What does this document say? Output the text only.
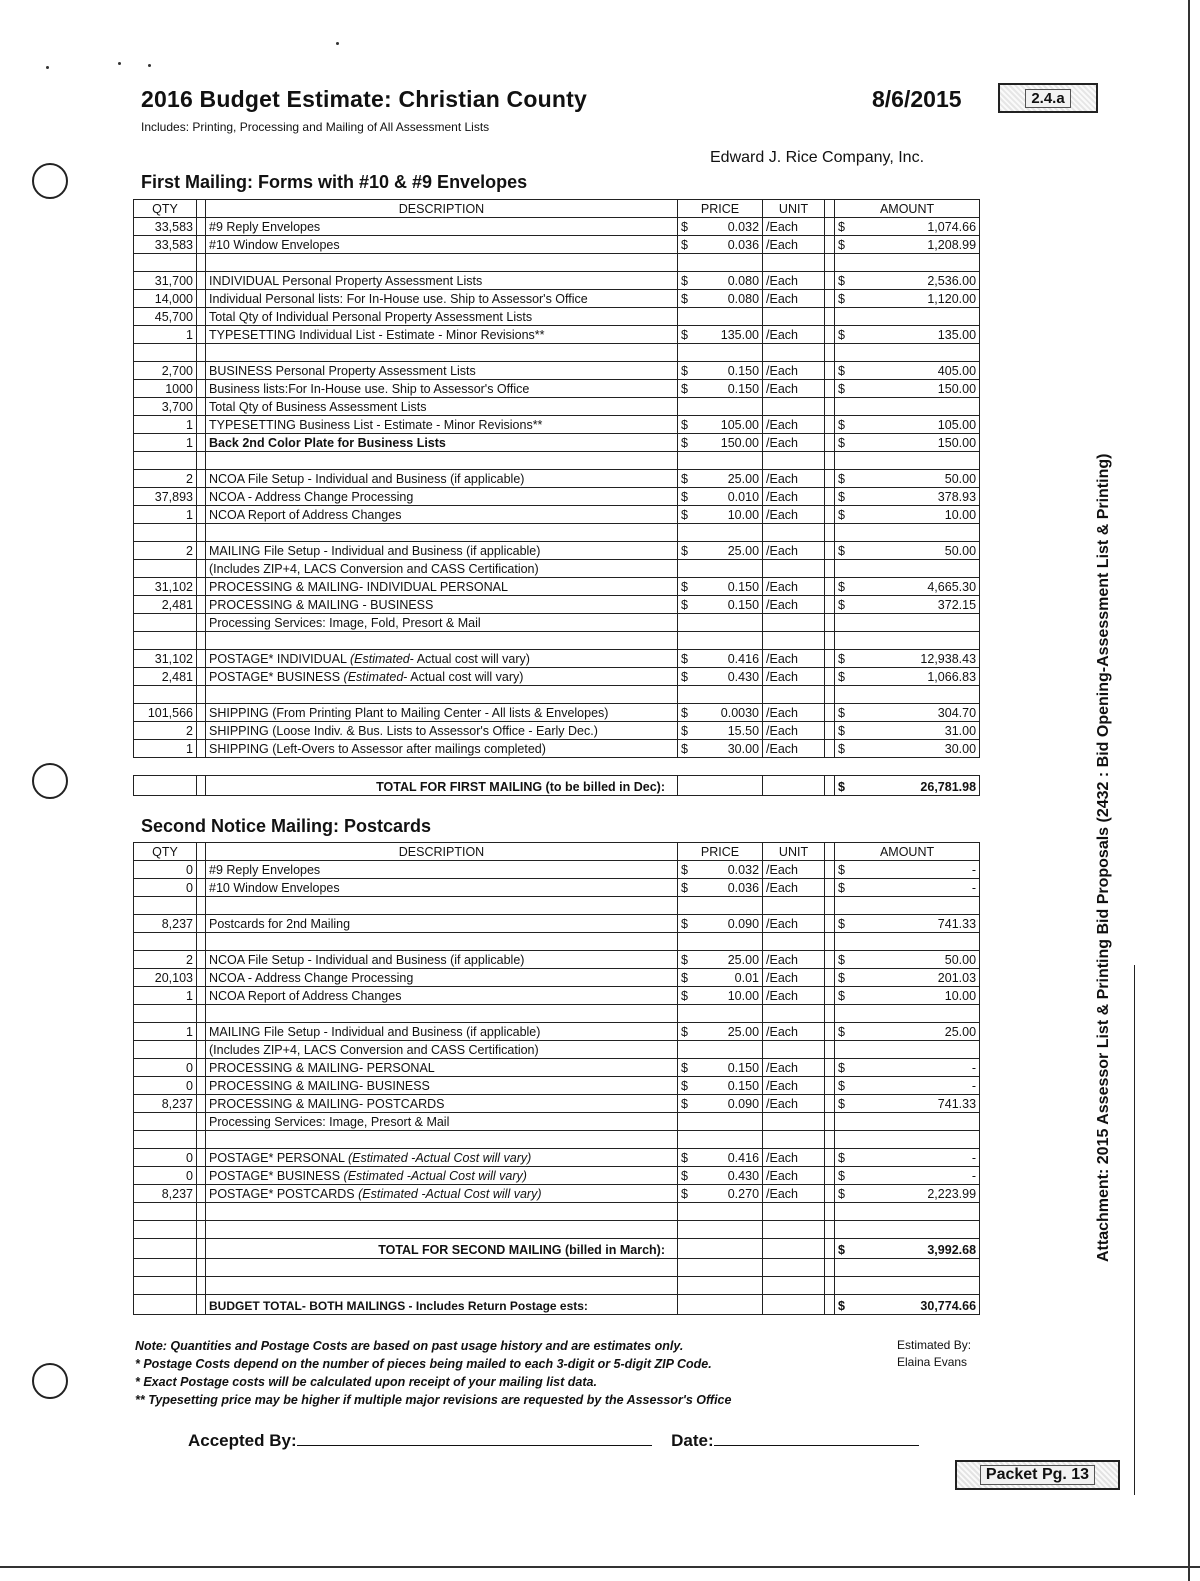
2016 Budget Estimate: Christian County
Includes: Printing, Processing and Mailing of All Assessment Lists
8/6/2015	2.4.a
Edward J. Rice Company, Inc.
First Mailing: Forms with #10 & #9 Envelopes
QTY		DESCRIPTION	PRICE		UNIT		AMOUNT	
33,583		#9 Reply Envelopes	$	0.032	/Each		$	1,074.66
33,583		#10 Window Envelopes	$	0.036	/Each		$	1,208.99

31,700		INDIVIDUAL Personal Property Assessment Lists	$	0.080	/Each		$	2,536.00
14,000		Individual Personal lists: For In-House use. Ship to Assessor's Office	$	0.080	/Each		$	1,120.00
45,700		Total Qty of Individual Personal Property Assessment Lists						
1		TYPESETTING Individual List - Estimate - Minor Revisions**	$	135.00	/Each		$	135.00

2,700		BUSINESS Personal Property Assessment Lists	$	0.150	/Each		$	405.00
1000		Business lists:For In-House use. Ship to Assessor's Office	$	0.150	/Each		$	150.00
3,700		Total Qty of Business Assessment Lists						
1		TYPESETTING Business List - Estimate - Minor Revisions**	$	105.00	/Each		$	105.00
1		Back 2nd Color Plate for Business Lists	$	150.00	/Each		$	150.00

2		NCOA File Setup - Individual and Business (if applicable)	$	25.00	/Each		$	50.00
37,893		NCOA - Address Change Processing	$	0.010	/Each		$	378.93
1		NCOA Report of Address Changes	$	10.00	/Each		$	10.00

2		MAILING File Setup - Individual and Business (if applicable)	$	25.00	/Each		$	50.00
		(Includes ZIP+4, LACS Conversion and CASS Certification)						
31,102		PROCESSING & MAILING- INDIVIDUAL PERSONAL	$	0.150	/Each		$	4,665.30
2,481		PROCESSING & MAILING - BUSINESS	$	0.150	/Each		$	372.15
		Processing Services: Image, Fold, Presort & Mail						

31,102		POSTAGE* INDIVIDUAL (Estimated- Actual cost will vary)	$	0.416	/Each		$	12,938.43
2,481		POSTAGE* BUSINESS (Estimated- Actual cost will vary)	$	0.430	/Each		$	1,066.83

101,566		SHIPPING (From Printing Plant to Mailing Center - All lists & Envelopes)	$	0.0030	/Each		$	304.70
2		SHIPPING (Loose Indiv. & Bus. Lists to Assessor's Office - Early Dec.)	$	15.50	/Each		$	31.00
1		SHIPPING (Left-Overs to Assessor after mailings completed)	$	30.00	/Each		$	30.00

		TOTAL FOR FIRST MAILING (to be billed in Dec):					$	26,781.98
Second Notice Mailing: Postcards
QTY		DESCRIPTION	PRICE		UNIT		AMOUNT	
0		#9 Reply Envelopes	$	0.032	/Each		$	-
0		#10 Window Envelopes	$	0.036	/Each		$	-

8,237		Postcards for 2nd Mailing	$	0.090	/Each		$	741.33

2		NCOA File Setup - Individual and Business (if applicable)	$	25.00	/Each		$	50.00
20,103		NCOA - Address Change Processing	$	0.01	/Each		$	201.03
1		NCOA Report of Address Changes	$	10.00	/Each		$	10.00

1		MAILING File Setup - Individual and Business (if applicable)	$	25.00	/Each		$	25.00
		(Includes ZIP+4, LACS Conversion and CASS Certification)						
0		PROCESSING & MAILING- PERSONAL	$	0.150	/Each		$	-
0		PROCESSING & MAILING- BUSINESS	$	0.150	/Each		$	-
8,237		PROCESSING & MAILING- POSTCARDS	$	0.090	/Each		$	741.33
		Processing Services: Image, Presort & Mail						

0		POSTAGE* PERSONAL (Estimated -Actual Cost will vary)	$	0.416	/Each		$	-
0		POSTAGE* BUSINESS (Estimated -Actual Cost will vary)	$	0.430	/Each		$	-
8,237		POSTAGE* POSTCARDS (Estimated -Actual Cost will vary)	$	0.270	/Each		$	2,223.99

		TOTAL FOR SECOND MAILING (billed in March):					$	3,992.68

		BUDGET TOTAL- BOTH MAILINGS - Includes Return Postage ests:					$	30,774.66
Note: Quantities and Postage Costs are based on past usage history and are estimates only.
* Postage Costs depend on the number of pieces being mailed to each 3-digit or 5-digit ZIP Code.
* Exact Postage costs will be calculated upon receipt of your mailing list data.
** Typesetting price may be higher if multiple major revisions are requested by the Assessor's Office
Estimated By:
Elaina Evans
Accepted By:	Date:
Packet Pg. 13
Attachment: 2015 Assessor List & Printing Bid Proposals (2432 : Bid Opening-Assessment List & Printing)
